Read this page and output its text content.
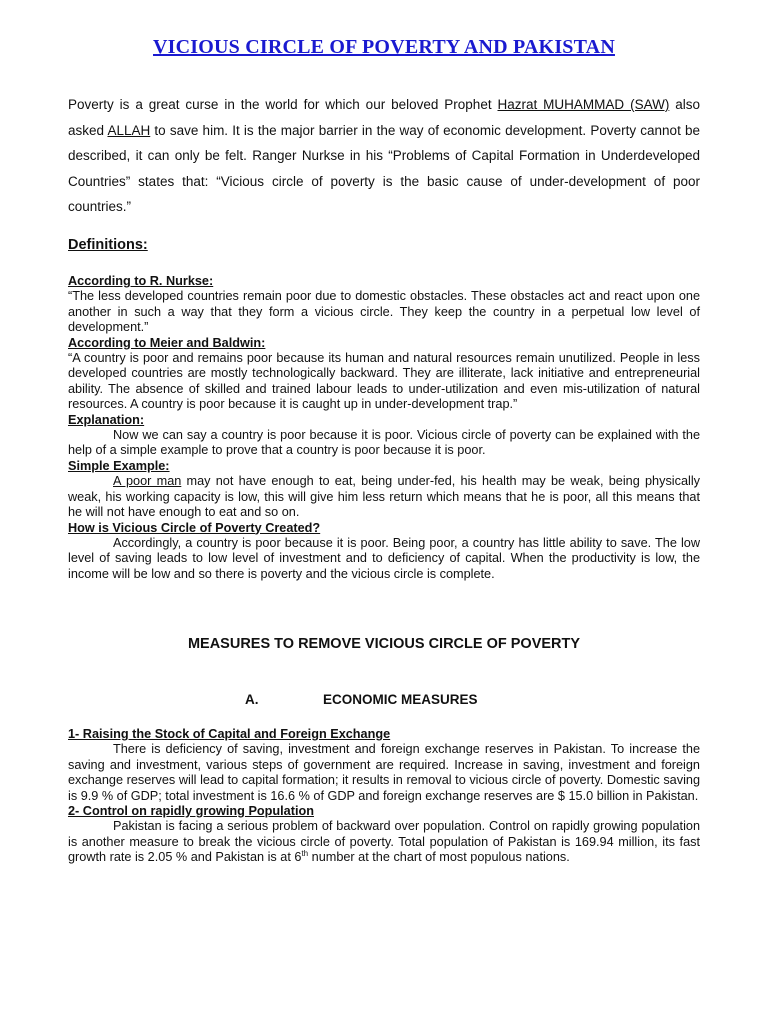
VICIOUS CIRCLE OF POVERTY AND PAKISTAN
Poverty is a great curse in the world for which our beloved Prophet Hazrat MUHAMMAD (SAW) also asked ALLAH to save him. It is the major barrier in the way of economic development. Poverty cannot be described, it can only be felt. Ranger Nurkse in his “Problems of Capital Formation in Underdeveloped Countries” states that: “Vicious circle of poverty is the basic cause of under-development of poor countries.”
Definitions:
According to R. Nurkse:

“The less developed countries remain poor due to domestic obstacles. These obstacles act and react upon one another in such a way that they form a vicious circle. They keep the country in a perpetual low level of development.”

According to Meier and Baldwin:

“A country is poor and remains poor because its human and natural resources remain unutilized. People in less developed countries are mostly technologically backward. They are illiterate, lack initiative and entrepreneurial ability. The absence of skilled and trained labour leads to under-utilization and even mis-utilization of natural resources. A country is poor because it is caught up in under-development trap.”

Explanation:

Now we can say a country is poor because it is poor. Vicious circle of poverty can be explained with the help of a simple example to prove that a country is poor because it is poor.

Simple Example:

A poor man may not have enough to eat, being under-fed, his health may be weak, being physically weak, his working capacity is low, this will give him less return which means that he is poor, all this means that he will not have enough to eat and so on.

How is Vicious Circle of Poverty Created?

Accordingly, a country is poor because it is poor. Being poor, a country has little ability to save. The low level of saving leads to low level of investment and to deficiency of capital. When the productivity is low, the income will be low and so there is poverty and the vicious circle is complete.

MEASURES TO REMOVE VICIOUS CIRCLE OF POVERTY
A.	ECONOMIC MEASURES
1- Raising the Stock of Capital and Foreign Exchange

There is deficiency of saving, investment and foreign exchange reserves in Pakistan. To increase the saving and investment, various steps of government are required. Increase in saving, investment and foreign exchange reserves will lead to capital formation; it results in removal to vicious circle of poverty. Domestic saving is 9.9 % of GDP; total investment is 16.6 % of GDP and foreign exchange reserves are $ 15.0 billion in Pakistan.

2- Control on rapidly growing Population

Pakistan is facing a serious problem of backward over population. Control on rapidly growing population is another measure to break the vicious circle of poverty. Total population of Pakistan is 169.94 million, its fast growth rate is 2.05 % and Pakistan is at 6th number at the chart of most populous nations.
